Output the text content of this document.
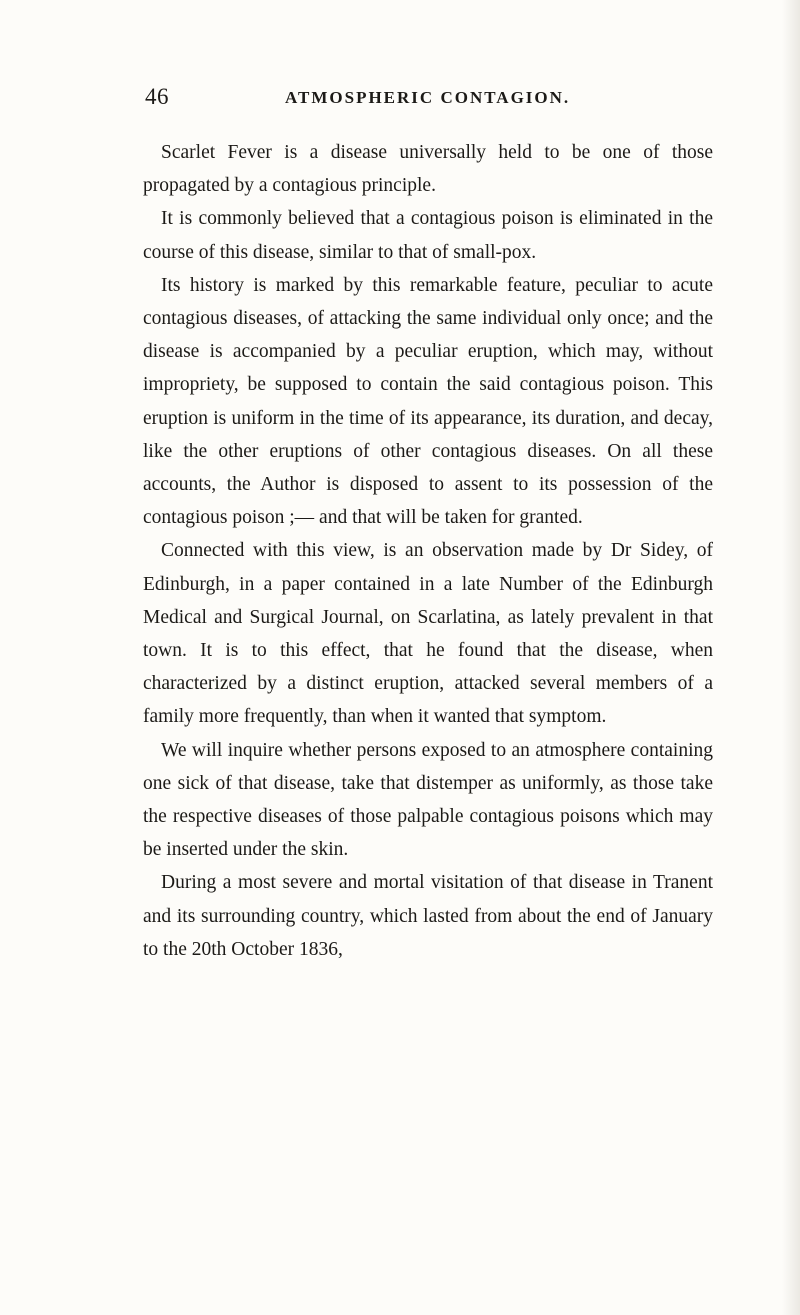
46	ATMOSPHERIC CONTAGION.

Scarlet Fever is a disease universally held to be one of those propagated by a contagious principle.

It is commonly believed that a contagious poison is eliminated in the course of this disease, similar to that of small-pox.

Its history is marked by this remarkable feature, peculiar to acute contagious diseases, of attacking the same individual only once; and the disease is accompanied by a peculiar eruption, which may, without impropriety, be supposed to contain the said contagious poison. This eruption is uniform in the time of its appearance, its duration, and decay, like the other eruptions of other contagious diseases. On all these accounts, the Author is disposed to assent to its possession of the contagious poison ;— and that will be taken for granted.

Connected with this view, is an observation made by Dr Sidey, of Edinburgh, in a paper contained in a late Number of the Edinburgh Medical and Surgical Journal, on Scarlatina, as lately prevalent in that town. It is to this effect, that he found that the disease, when characterized by a distinct eruption, attacked several members of a family more frequently, than when it wanted that symptom.

We will inquire whether persons exposed to an atmosphere containing one sick of that disease, take that distemper as uniformly, as those take the respective diseases of those palpable contagious poisons which may be inserted under the skin.

During a most severe and mortal visitation of that disease in Tranent and its surrounding country, which lasted from about the end of January to the 20th October 1836,
